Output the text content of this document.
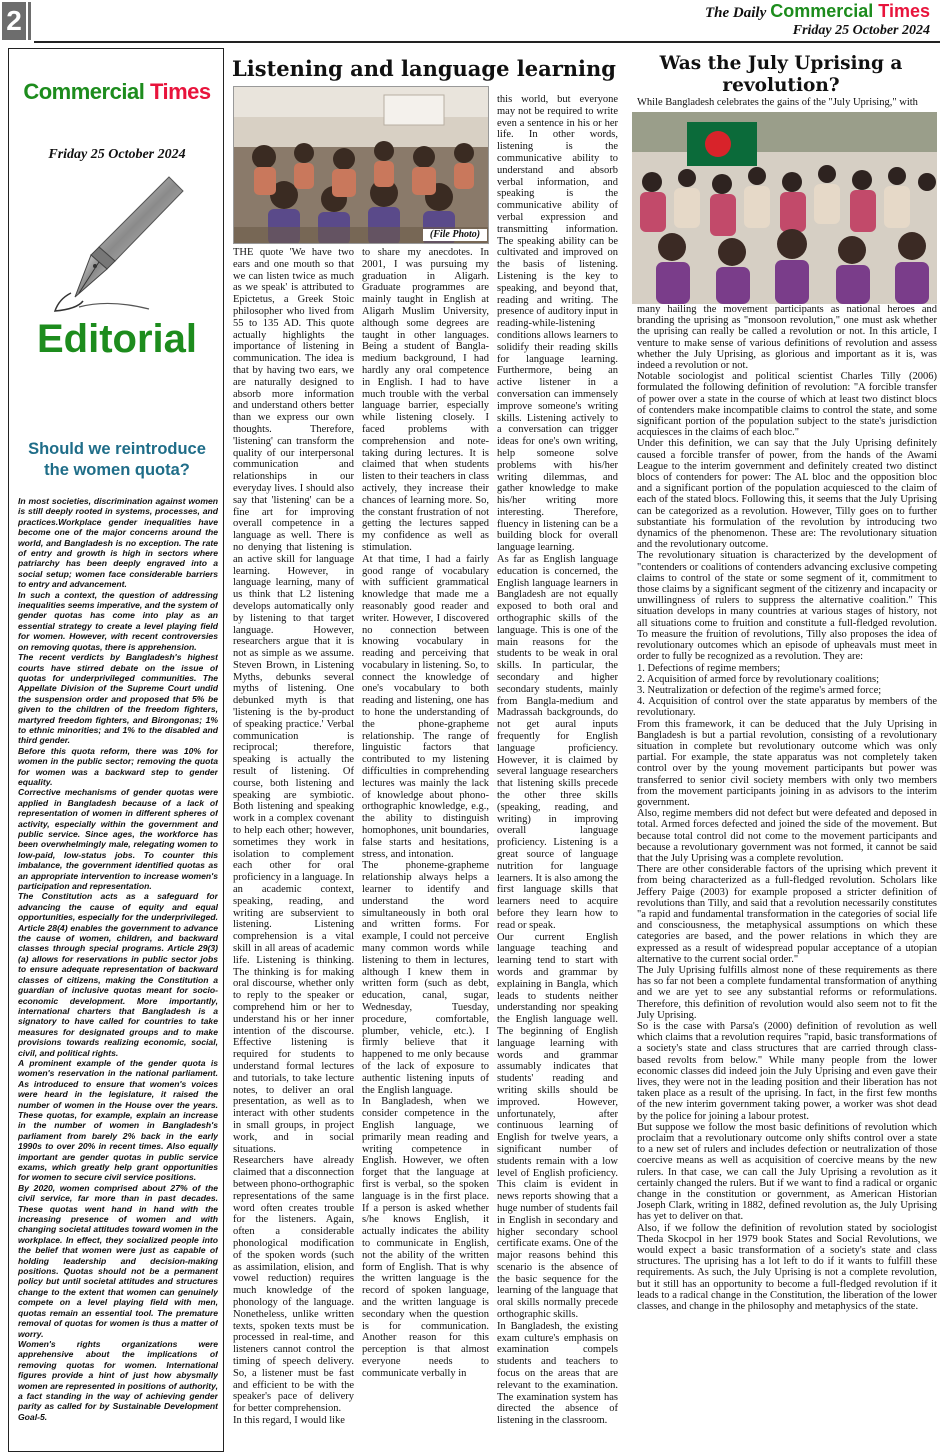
2	The Daily Commercial Times
Friday 25 October 2024
Commercial Times
Friday 25 October 2024
Editorial
Should we reintroduce the women quota?

In most societies, discrimination against women is still deeply rooted in systems, processes, and practices.Workplace gender inequalities have become one of the major concerns around the world, and Bangladesh is no exception. The rate of entry and growth is high in sectors where patriarchy has been deeply engraved into a social setup; women face considerable barriers to entry and advancement.

In such a context, the question of addressing inequalities seems imperative, and the system of gender quotas has come into play as an essential strategy to create a level playing field for women. However, with recent controversies on removing quotas, there is apprehension.

The recent verdicts by Bangladesh's highest courts have stirred debate on the issue of quotas for underprivileged communities. The Appellate Division of the Supreme Court undid the suspension order and proposed that 5% be given to the children of the freedom fighters, martyred freedom fighters, and Birongonas; 1% to ethnic minorities; and 1% to the disabled and third gender.

Before this quota reform, there was 10% for women in the public sector; removing the quota for women was a backward step to gender equality.

Corrective mechanisms of gender quotas were applied in Bangladesh because of a lack of representation of women in different spheres of activity, especially within the government and public service. Since ages, the workforce has been overwhelmingly male, relegating women to low-paid, low-status jobs. To counter this imbalance, the government identified quotas as an appropriate intervention to increase women's participation and representation.

The Constitution acts as a safeguard for advancing the cause of equity and equal opportunities, especially for the underprivileged. Article 28(4) enables the government to advance the cause of women, children, and backward classes through special programs. Article 29(3)(a) allows for reservations in public sector jobs to ensure adequate representation of backward classes of citizens, making the Constitution a guardian of inclusive quotas meant for socio-economic development. More importantly, international charters that Bangladesh is a signatory to have called for countries to take measures for designated groups and to make provisions towards realizing economic, social, civil, and political rights.

A prominent example of the gender quota is women's reservation in the national parliament. As introduced to ensure that women's voices were heard in the legislature, it raised the number of women in the House over the years. These quotas, for example, explain an increase in the number of women in Bangladesh's parliament from barely 2% back in the early 1990s to over 20% in recent times. Also equally important are gender quotas in public service exams, which greatly help grant opportunities for women to secure civil service positions.

By 2020, women comprised about 27% of the civil service, far more than in past decades. These quotas went hand in hand with the increasing presence of women and with changing societal attitudes toward women in the workplace. In effect, they socialized people into the belief that women were just as capable of holding leadership and decision-making positions. Quotas should not be a permanent policy but until societal attitudes and structures change to the extent that women can genuinely compete on a level playing field with men, quotas remain an essential tool. The premature removal of quotas for women is thus a matter of worry.

Women's rights organizations were apprehensive about the implications of removing quotas for women. International figures provide a hint of just how abysmally women are represented in positions of authority, a fact standing in the way of achieving gender parity as called for by Sustainable Development Goal-5.

Listening and language learning
(File Photo)

THE quote 'We have two ears and one mouth so that we can listen twice as much as we speak' is attributed to Epictetus, a Greek Stoic philosopher who lived from 55 to 135 AD. This quote actually highlights the importance of listening in communication. The idea is that by having two ears, we are naturally designed to absorb more information and understand others better than we express our own thoughts. Therefore, 'listening' can transform the quality of our interpersonal communication and relationships in our everyday lives. I should also say that 'listening' can be a fine art for improving overall competence in a language as well. There is no denying that listening is an active skill for language learning. However, in language learning, many of us think that L2 listening develops automatically only by listening to that target language. However, researchers argue that it is not as simple as we assume. Steven Brown, in Listening Myths, debunks several myths of listening. One debunked myth is that 'listening is the by-product of speaking practice.' Verbal communication is reciprocal; therefore, speaking is actually the result of listening. Of course, both listening and speaking are symbiotic. Both listening and speaking work in a complex covenant to help each other; however, sometimes they work in isolation to complement each other for oral proficiency in a language. In an academic context, speaking, reading, and writing are subservient to listening. Listening comprehension is a vital skill in all areas of academic life. Listening is thinking. The thinking is for making oral discourse, whether only to reply to the speaker or comprehend him or her to understand his or her inner intention of the discourse. Effective listening is required for students to understand formal lectures and tutorials, to take lecture notes, to deliver an oral presentation, as well as to interact with other students in small groups, in project work, and in social situations.

Researchers have already claimed that a disconnection between phono-orthographic representations of the same word often creates trouble for the listeners. Again, often a considerable phonological modification of the spoken words (such as assimilation, elision, and vowel reduction) requires much knowledge of the phonology of the language. Nonetheless, unlike written texts, spoken texts must be processed in real-time, and listeners cannot control the timing of speech delivery. So, a listener must be fast and efficient to be with the speaker's pace of delivery for better comprehension.

In this regard, I would like

to share my anecdotes. In 2001, I was pursuing my graduation in Aligarh. Graduate programmes are mainly taught in English at Aligarh Muslim University, although some degrees are taught in other languages. Being a student of Bangla-medium background, I had hardly any oral competence in English. I had to have much trouble with the verbal language barrier, especially while listening closely. I faced problems with comprehension and note-taking during lectures. It is claimed that when students listen to their teachers in class actively, they increase their chances of learning more. So, the constant frustration of not getting the lectures sapped my confidence as well as stimulation.

At that time, I had a fairly good range of vocabulary with sufficient grammatical knowledge that made me a reasonably good reader and writer. However, I discovered no connection between knowing vocabulary in reading and perceiving that vocabulary in listening. So, to connect the knowledge of one's vocabulary to both reading and listening, one has to hone the understanding of the phone-grapheme relationship. The range of linguistic factors that contributed to my listening difficulties in comprehending lectures was mainly the lack of knowledge about phono-orthographic knowledge, e.g., the ability to distinguish homophones, unit boundaries, false starts and hesitations, stress, and intonation.

The phoneme-grapheme relationship always helps a learner to identify and understand the word simultaneously in both oral and written forms. For example, I could not perceive many common words while listening to them in lectures, although I knew them in written form (such as debt, education, canal, sugar, Wednesday, Tuesday, procedure, comfortable, plumber, vehicle, etc.). I firmly believe that it happened to me only because of the lack of exposure to authentic listening inputs of the English language.

In Bangladesh, when we consider competence in the English language, we primarily mean reading and writing competence in English. However, we often forget that the language at first is verbal, so the spoken language is in the first place. If a person is asked whether s/he knows English, it actually indicates the ability to communicate in English, not the ability of the written form of English. That is why the written language is the record of spoken language, and the written language is secondary when the question is for communication. Another reason for this perception is that almost everyone needs to communicate verbally in

this world, but everyone may not be required to write even a sentence in his or her life. In other words, listening is the communicative ability to understand and absorb verbal information, and speaking is the communicative ability of verbal expression and transmitting information. The speaking ability can be cultivated and improved on the basis of listening. Listening is the key to speaking, and beyond that, reading and writing. The presence of auditory input in reading-while-listening conditions allows learners to solidify their reading skills for language learning. Furthermore, being an active listener in a conversation can immensely improve someone's writing skills. Listening actively to a conversation can trigger ideas for one's own writing, help someone solve problems with his/her writing dilemmas, and gather knowledge to make his/her writing more interesting. Therefore, fluency in listening can be a building block for overall language learning.

As far as English language education is concerned, the English language learners in Bangladesh are not equally exposed to both oral and orthographic skills of the language. This is one of the main reasons for the students to be weak in oral skills. In particular, the secondary and higher secondary students, mainly from Bangla-medium and Madrassah backgrounds, do not get aural inputs frequently for English language proficiency. However, it is claimed by several language researchers that listening skills precede the other three skills (speaking, reading, and writing) in improving overall language proficiency. Listening is a great source of language nutrition for language learners. It is also among the first language skills that learners need to acquire before they learn how to read or speak.

Our current English language teaching and learning tend to start with words and grammar by explaining in Bangla, which leads to students neither understanding nor speaking the English language well. The beginning of English language learning with words and grammar assumably indicates that students' reading and writing skills should be improved. However, unfortunately, after continuous learning of English for twelve years, a significant number of students remain with a low level of English proficiency. This claim is evident in news reports showing that a huge number of students fail in English in secondary and higher secondary school certificate exams. One of the major reasons behind this scenario is the absence of the basic sequence for the learning of the language that oral skills normally precede orthographic skills.

In Bangladesh, the existing exam culture's emphasis on examination compels students and teachers to focus on the areas that are relevant to the examination. The examination system has directed the absence of listening in the classroom.

Was the July Uprising a revolution?
While Bangladesh celebrates the gains of the "July Uprising," with

many hailing the movement participants as national heroes and branding the uprising as "monsoon revolution," one must ask whether the uprising can really be called a revolution or not. In this article, I venture to make sense of various definitions of revolution and assess whether the July Uprising, as glorious and important as it is, was indeed a revolution or not.

Notable sociologist and political scientist Charles Tilly (2006) formulated the following definition of revolution: "A forcible transfer of power over a state in the course of which at least two distinct blocs of contenders make incompatible claims to control the state, and some significant portion of the population subject to the state's jurisdiction acquiesces in the claims of each bloc."

Under this definition, we can say that the July Uprising definitely caused a forcible transfer of power, from the hands of the Awami League to the interim government and definitely created two distinct blocs of contenders for power: The AL bloc and the opposition bloc and a significant portion of the population acquiesced to the claim of each of the stated blocs. Following this, it seems that the July Uprising can be categorized as a revolution. However, Tilly goes on to further substantiate his formulation of the revolution by introducing two dynamics of the phenomenon. These are: The revolutionary situation and the revolutionary outcome.

The revolutionary situation is characterized by the development of "contenders or coalitions of contenders advancing exclusive competing claims to control of the state or some segment of it, commitment to those claims by a significant segment of the citizenry and incapacity or unwillingness of rulers to suppress the alternative coalition." This situation develops in many countries at various stages of history, not all situations come to fruition and constitute a full-fledged revolution. To measure the fruition of revolutions, Tilly also proposes the idea of revolutionary outcomes which an episode of upheavals must meet in order to fully be recognized as a revolution. They are:

1. Defections of regime members;

2. Acquisition of armed force by revolutionary coalitions;

3. Neutralization or defection of the regime's armed force;

4. Acquisition of control over the state apparatus by members of the revolutionary.

From this framework, it can be deduced that the July Uprising in Bangladesh is but a partial revolution, consisting of a revolutionary situation in complete but revolutionary outcome which was only partial. For example, the state apparatus was not completely taken control over by the young movement participants but power was transferred to senior civil society members with only two members from the movement participants joining in as advisors to the interim government.

Also, regime members did not defect but were defeated and deposed in total. Armed forces defected and joined the side of the movement. But because total control did not come to the movement participants and because a revolutionary government was not formed, it cannot be said that the July Uprising was a complete revolution.

There are other considerable factors of the uprising which prevent it from being characterized as a full-fledged revolution. Scholars like Jeffery Paige (2003) for example proposed a stricter definition of revolutions than Tilly, and said that a revolution necessarily constitutes "a rapid and fundamental transformation in the categories of social life and consciousness, the metaphysical assumptions on which these categories are based, and the power relations in which they are expressed as a result of widespread popular acceptance of a utopian alternative to the current social order."

The July Uprising fulfills almost none of these requirements as there has so far not been a complete fundamental transformation of anything and we are yet to see any substantial reforms or reformulations. Therefore, this definition of revolution would also seem not to fit the July Uprising.

So is the case with Parsa's (2000) definition of revolution as well which claims that a revolution requires "rapid, basic transformations of a society's state and class structures that are carried through class-based revolts from below." While many people from the lower economic classes did indeed join the July Uprising and even gave their lives, they were not in the leading position and their liberation has not taken place as a result of the uprising. In fact, in the first few months of the new interim government taking power, a worker was shot dead by the police for joining a labour protest.

But suppose we follow the most basic definitions of revolution which proclaim that a revolutionary outcome only shifts control over a state to a new set of rulers and includes defection or neutralization of those coercive means as well as acquisition of coercive means by the new rulers. In that case, we can call the July Uprising a revolution as it certainly changed the rulers. But if we want to find a radical or organic change in the constitution or government, as American Historian Joseph Clark, writing in 1882, defined revolution as, the July Uprising has yet to deliver on that.

Also, if we follow the definition of revolution stated by sociologist Theda Skocpol in her 1979 book States and Social Revolutions, we would expect a basic transformation of a society's state and class structures. The uprising has a lot left to do if it wants to fulfill these requirements. As such, the July Uprising is not a complete revolution, but it still has an opportunity to become a full-fledged revolution if it leads to a radical change in the Constitution, the liberation of the lower classes, and change in the philosophy and metaphysics of the state.
